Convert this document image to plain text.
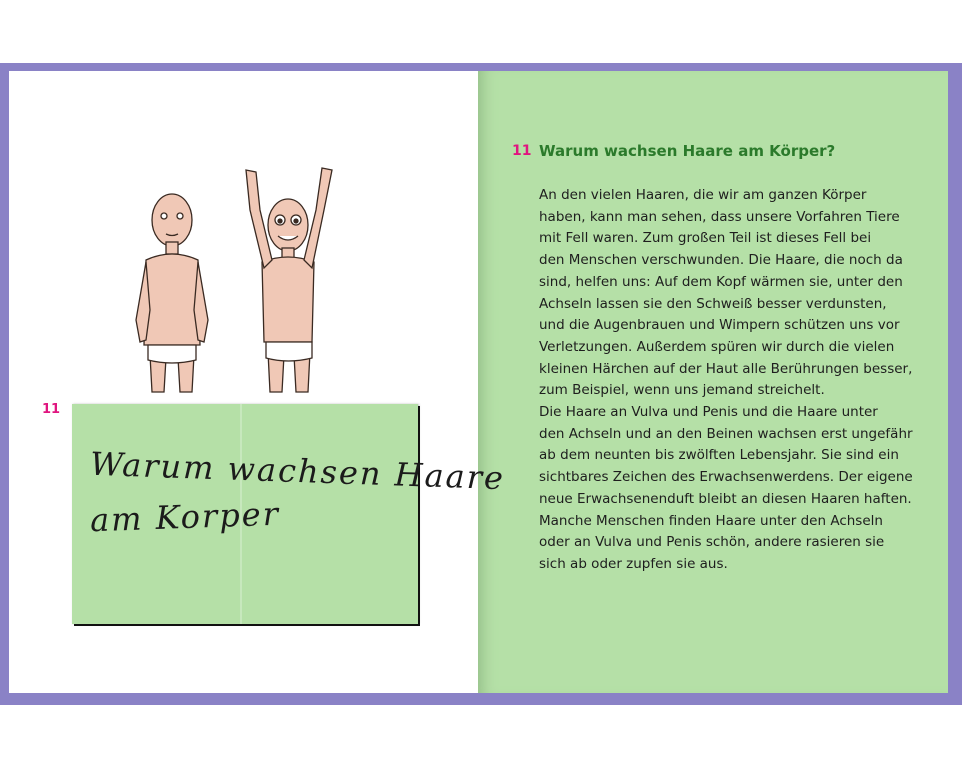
11

Warum wachsen Haare

am Korper

11 Warum wachsen Haare am Körper?
An den vielen Haaren, die wir am ganzen Körper
haben, kann man sehen, dass unsere Vorfahren Tiere
mit Fell waren. Zum großen Teil ist dieses Fell bei
den Menschen verschwunden. Die Haare, die noch da
sind, helfen uns: Auf dem Kopf wärmen sie, unter den
Achseln lassen sie den Schweiß besser verdunsten,
und die Augenbrauen und Wimpern schützen uns vor
Verletzungen. Außerdem spüren wir durch die vielen
kleinen Härchen auf der Haut alle Berührungen besser,
zum Beispiel, wenn uns jemand streichelt.
Die Haare an Vulva und Penis und die Haare unter
den Achseln und an den Beinen wachsen erst ungefähr
ab dem neunten bis zwölften Lebensjahr. Sie sind ein
sichtbares Zeichen des Erwachsenwerdens. Der eigene
neue Erwachsenenduft bleibt an diesen Haaren haften.
Manche Menschen finden Haare unter den Achseln
oder an Vulva und Penis schön, andere rasieren sie
sich ab oder zupfen sie aus.
